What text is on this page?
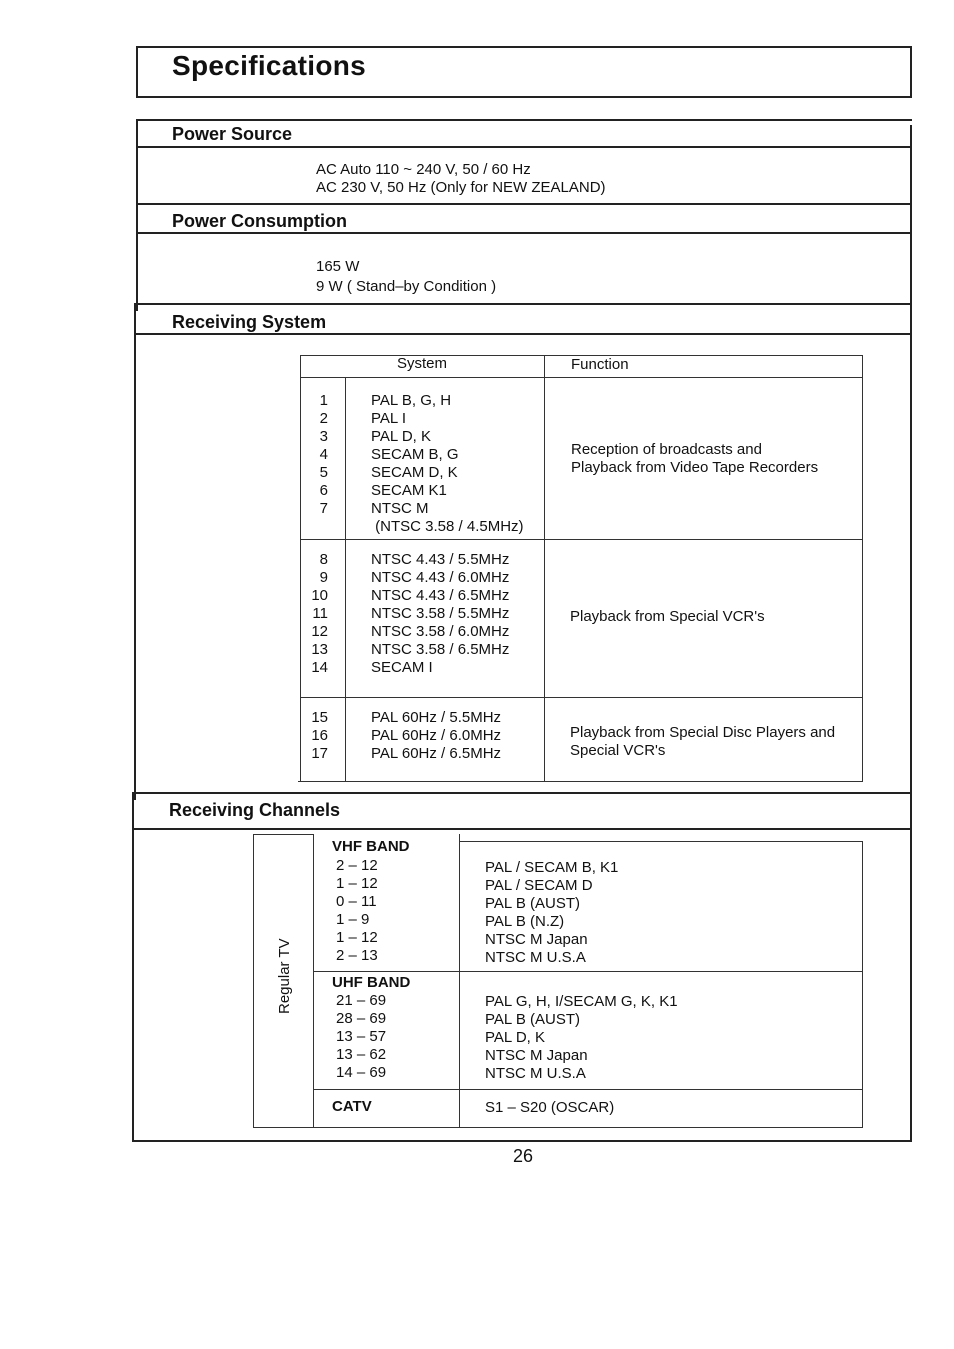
Specifications
Power Source
AC Auto 110 ~ 240 V, 50 / 60 Hz
AC 230 V, 50 Hz (Only for NEW ZEALAND)
Power Consumption
165 W
9 W ( Stand–by Condition )
Receiving System
System	Function
1
2
3
4
5
6
7
PAL B, G, H
PAL I
PAL D, K
SECAM B, G
SECAM D, K
SECAM K1
NTSC M
(NTSC 3.58 / 4.5MHz)
Reception of broadcasts and
Playback from Video Tape Recorders
8
9
10
11
12
13
14
NTSC 4.43 / 5.5MHz
NTSC 4.43 / 6.0MHz
NTSC 4.43 / 6.5MHz
NTSC 3.58 / 5.5MHz
NTSC 3.58 / 6.0MHz
NTSC 3.58 / 6.5MHz
SECAM I
Playback from Special VCR's
15
16
17
PAL 60Hz / 5.5MHz
PAL 60Hz / 6.0MHz
PAL 60Hz / 6.5MHz
Playback from Special Disc Players and
Special VCR's
Receiving Channels
Regular TV
VHF BAND
2 – 12
1 – 12
0 – 11
1 – 9
1 – 12
2 – 13
PAL / SECAM B, K1
PAL / SECAM D
PAL B (AUST)
PAL B (N.Z)
NTSC M Japan
NTSC M U.S.A
UHF BAND
21 – 69
28 – 69
13 – 57
13 – 62
14 – 69
PAL G, H, I/SECAM G, K, K1
PAL B (AUST)
PAL D, K
NTSC M Japan
NTSC M U.S.A
CATV	S1 – S20 (OSCAR)
26
